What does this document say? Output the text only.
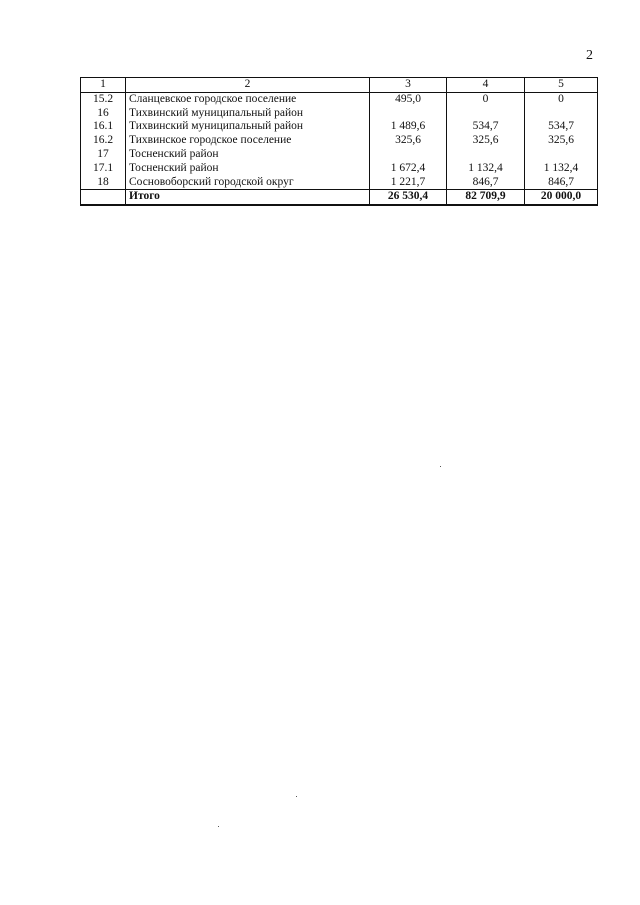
2
1	2	3	4	5
15.2	Сланцевское городское поселение	495,0	0	0
16	Тихвинский муниципальный район			
16.1	Тихвинский муниципальный район	1 489,6	534,7	534,7
16.2	Тихвинское городское поселение	325,6	325,6	325,6
17	Тосненский район			
17.1	Тосненский район	1 672,4	1 132,4	1 132,4
18	Сосновоборский городской округ	1 221,7	846,7	846,7
	Итого	26 530,4	82 709,9	20 000,0
